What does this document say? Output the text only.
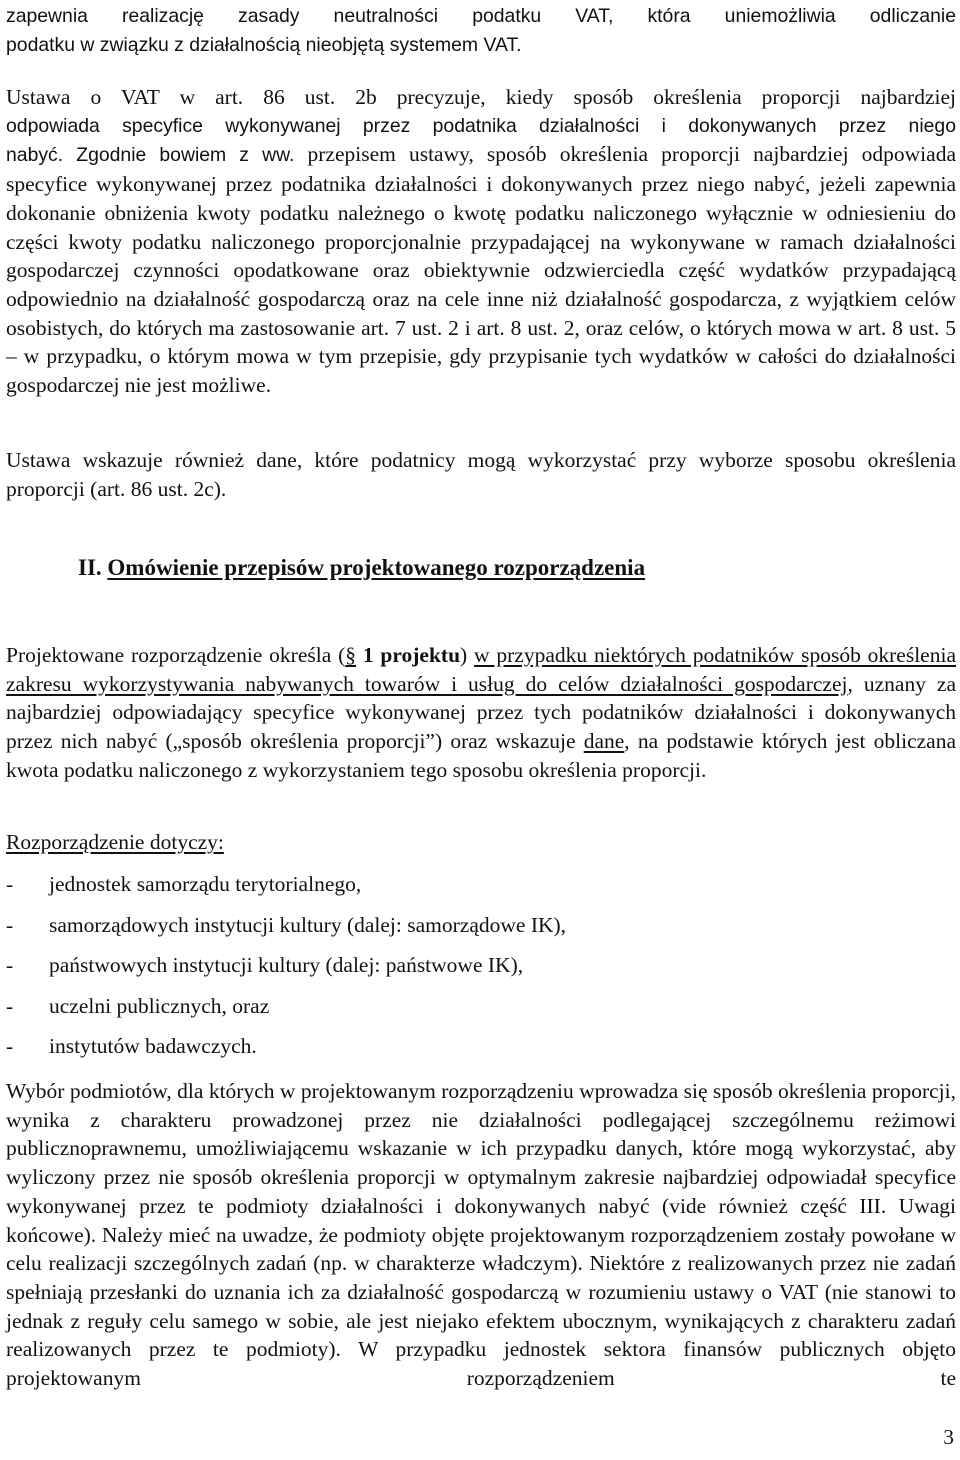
zapewnia realizację zasady neutralności podatku VAT, która uniemożliwia odliczanie

podatku w związku z działalnością nieobjętą systemem VAT.

Ustawa o VAT w art. 86 ust. 2b precyzuje, kiedy sposób określenia proporcji najbardziej

odpowiada specyfice wykonywanej przez podatnika działalności i dokonywanych przez niego

nabyć. Zgodnie bowiem z ww. przepisem ustawy, sposób określenia proporcji najbardziej odpowiada specyfice wykonywanej przez podatnika działalności i dokonywanych przez niego nabyć, jeżeli zapewnia dokonanie obniżenia kwoty podatku należnego o kwotę podatku naliczonego wyłącznie w odniesieniu do części kwoty podatku naliczonego proporcjonalnie przypadającej na wykonywane w ramach działalności gospodarczej czynności opodatkowane oraz obiektywnie odzwierciedla część wydatków przypadającą odpowiednio na działalność gospodarczą oraz na cele inne niż działalność gospodarcza, z wyjątkiem celów osobistych, do których ma zastosowanie art. 7 ust. 2 i art. 8 ust. 2, oraz celów, o których mowa w art. 8 ust. 5 – w przypadku, o którym mowa w tym przepisie, gdy przypisanie tych wydatków w całości do działalności gospodarczej nie jest możliwe.

Ustawa wskazuje również dane, które podatnicy mogą wykorzystać przy wyborze sposobu określenia proporcji (art. 86 ust. 2c).

II. Omówienie przepisów projektowanego rozporządzenia

Projektowane rozporządzenie określa (§ 1 projektu) w przypadku niektórych podatników sposób określenia zakresu wykorzystywania nabywanych towarów i usług do celów działalności gospodarczej, uznany za najbardziej odpowiadający specyfice wykonywanej przez tych podatników działalności i dokonywanych przez nich nabyć („sposób określenia proporcji”) oraz wskazuje dane, na podstawie których jest obliczana kwota podatku naliczonego z wykorzystaniem tego sposobu określenia proporcji.

Rozporządzenie dotyczy:

- jednostek samorządu terytorialnego,
- samorządowych instytucji kultury (dalej: samorządowe IK),
- państwowych instytucji kultury (dalej: państwowe IK),
- uczelni publicznych, oraz
- instytutów badawczych.

Wybór podmiotów, dla których w projektowanym rozporządzeniu wprowadza się sposób określenia proporcji, wynika z charakteru prowadzonej przez nie działalności podlegającej szczególnemu reżimowi publicznoprawnemu, umożliwiającemu wskazanie w ich przypadku danych, które mogą wykorzystać, aby wyliczony przez nie sposób określenia proporcji w optymalnym zakresie najbardziej odpowiadał specyfice wykonywanej przez te podmioty działalności i dokonywanych nabyć (vide również część III. Uwagi końcowe). Należy mieć na uwadze, że podmioty objęte projektowanym rozporządzeniem zostały powołane w celu realizacji szczególnych zadań (np. w charakterze władczym). Niektóre z realizowanych przez nie zadań spełniają przesłanki do uznania ich za działalność gospodarczą w rozumieniu ustawy o VAT (nie stanowi to jednak z reguły celu samego w sobie, ale jest niejako efektem ubocznym, wynikających z charakteru zadań realizowanych przez te podmioty). W przypadku jednostek sektora finansów publicznych objęto projektowanym rozporządzeniem te

3
